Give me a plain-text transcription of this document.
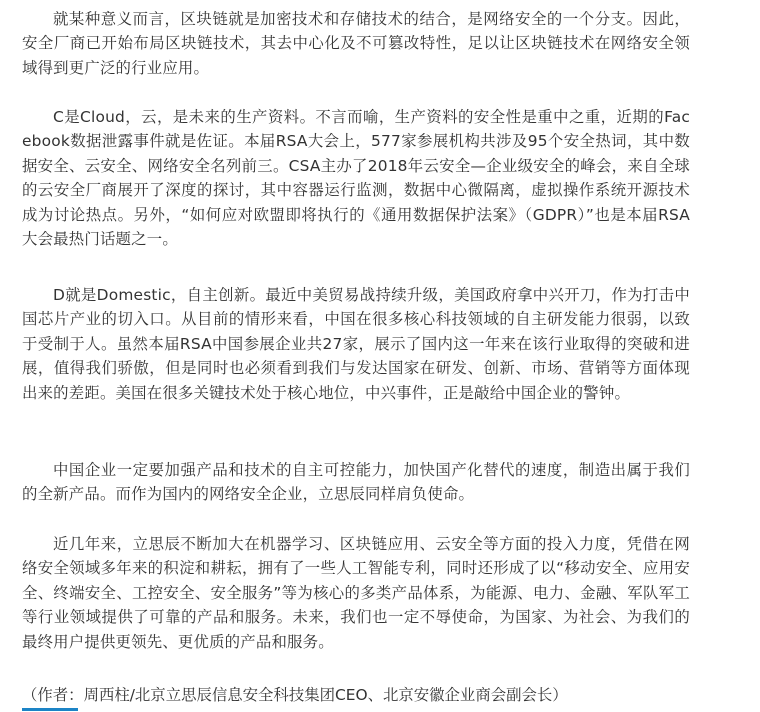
就某种意义而言，区块链就是加密技术和存储技术的结合，是网络安全的一个分支。因此，安全厂商已开始布局区块链技术，其去中心化及不可篡改特性，足以让区块链技术在网络安全领域得到更广泛的行业应用。

C是Cloud，云，是未来的生产资料。不言而喻，生产资料的安全性是重中之重，近期的Facebook数据泄露事件就是佐证。本届RSA大会上，577家参展机构共涉及95个安全热词，其中数据安全、云安全、网络安全名列前三。CSA主办了2018年云安全—企业级安全的峰会，来自全球的云安全厂商展开了深度的探讨，其中容器运行监测，数据中心微隔离，虚拟操作系统开源技术成为讨论热点。另外，“如何应对欧盟即将执行的《通用数据保护法案》（GDPR）”也是本届RSA大会最热门话题之一。

D就是Domestic，自主创新。最近中美贸易战持续升级，美国政府拿中兴开刀，作为打击中国芯片产业的切入口。从目前的情形来看，中国在很多核心科技领域的自主研发能力很弱，以致于受制于人。虽然本届RSA中国参展企业共27家，展示了国内这一年来在该行业取得的突破和进展，值得我们骄傲，但是同时也必须看到我们与发达国家在研发、创新、市场、营销等方面体现出来的差距。美国在很多关键技术处于核心地位，中兴事件，正是敲给中国企业的警钟。

中国企业一定要加强产品和技术的自主可控能力，加快国产化替代的速度，制造出属于我们的全新产品。而作为国内的网络安全企业，立思辰同样肩负使命。

近几年来，立思辰不断加大在机器学习、区块链应用、云安全等方面的投入力度，凭借在网络安全领域多年来的积淀和耕耘，拥有了一些人工智能专利，同时还形成了以“移动安全、应用安全、终端安全、工控安全、安全服务”等为核心的多类产品体系，为能源、电力、金融、军队军工等行业领域提供了可靠的产品和服务。未来，我们也一定不辱使命，为国家、为社会、为我们的最终用户提供更领先、更优质的产品和服务。

（作者：周西柱/北京立思辰信息安全科技集团CEO、北京安徽企业商会副会长）
